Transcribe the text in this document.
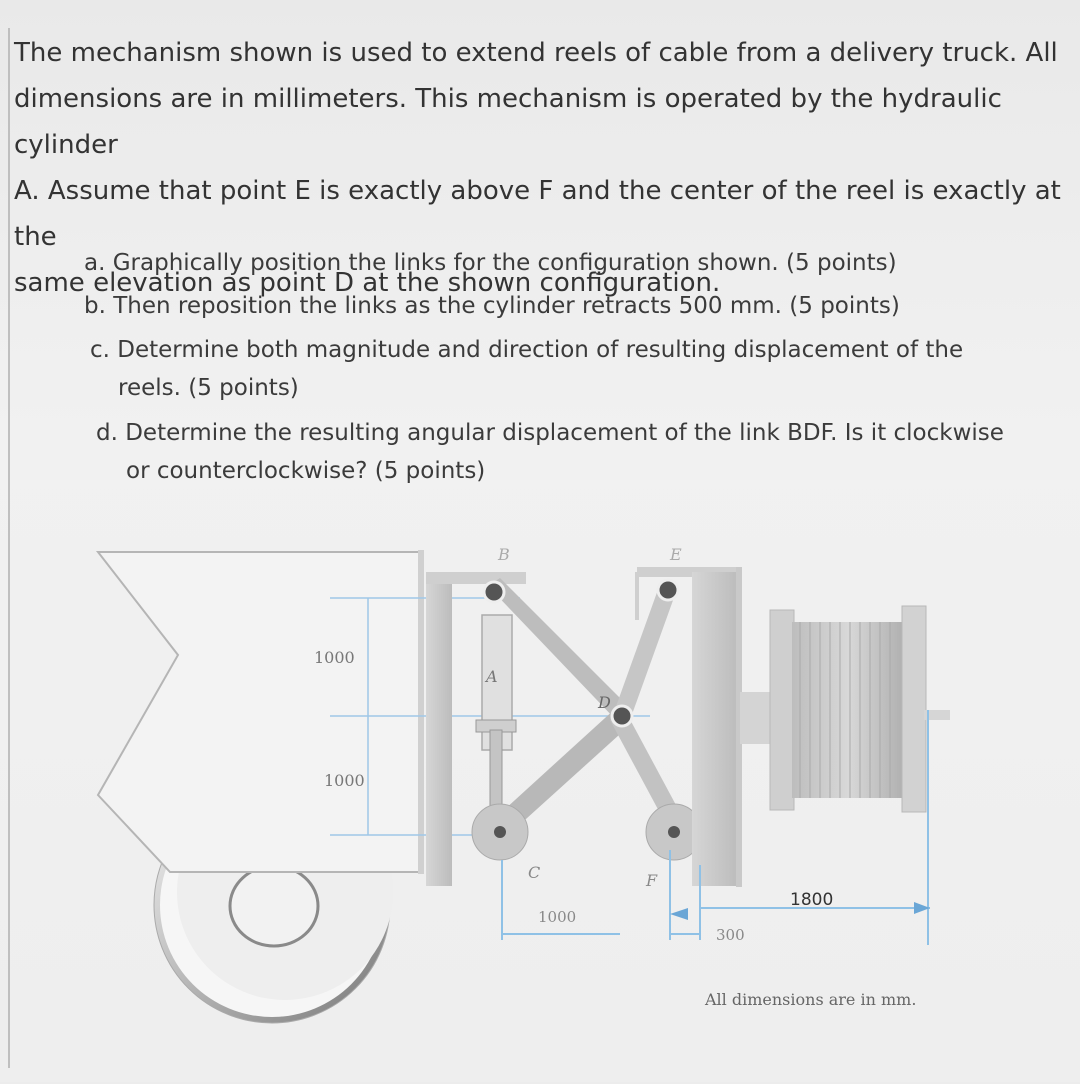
The mechanism shown is used to extend reels of cable from a delivery truck. All
dimensions are in millimeters. This mechanism is operated by the hydraulic cylinder
A. Assume that point E is exactly above F and the center of the reel is exactly at the
same elevation as point D at the shown configuration.
a. Graphically position the links for the configuration shown. (5 points)
b. Then reposition the links as the cylinder retracts 500 mm. (5 points)
c. Determine both magnitude and direction of resulting displacement of the
reels. (5 points)
d. Determine the resulting angular displacement of the link BDF. Is it clockwise
or counterclockwise? (5 points)
A
B
C
D
E
F
1000
1000
1000
300
1800
All dimensions are in mm.
